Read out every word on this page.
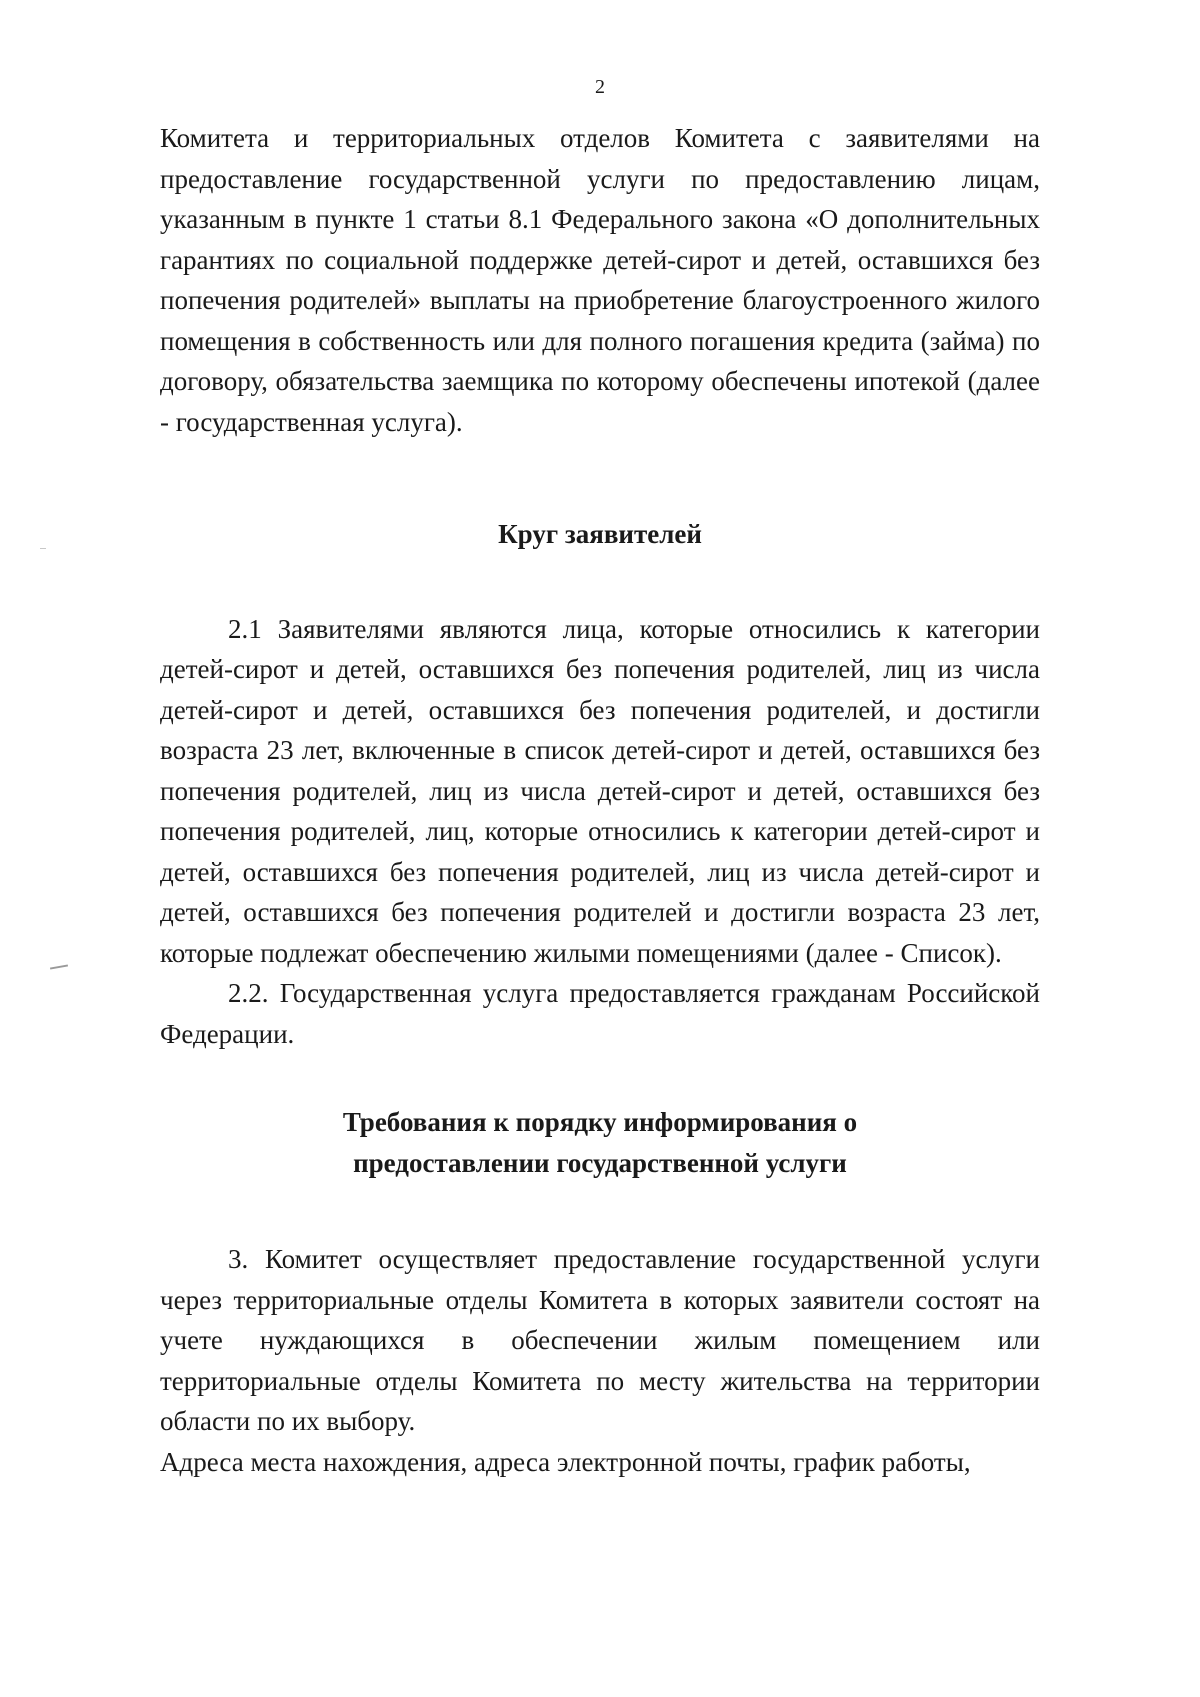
2

Комитета и территориальных отделов Комитета с заявителями на предоставление государственной услуги по предоставлению лицам, указанным в пункте 1 статьи 8.1 Федерального закона «О дополнительных гарантиях по социальной поддержке детей-сирот и детей, оставшихся без попечения родителей» выплаты на приобретение благоустроенного жилого помещения в собственность или для полного погашения кредита (займа) по договору, обязательства заемщика по которому обеспечены ипотекой (далее - государственная услуга).

Круг заявителей

2.1 Заявителями являются лица, которые относились к категории детей-сирот и детей, оставшихся без попечения родителей, лиц из числа детей-сирот и детей, оставшихся без попечения родителей, и достигли возраста 23 лет, включенные в список детей-сирот и детей, оставшихся без попечения родителей, лиц из числа детей-сирот и детей, оставшихся без попечения родителей, лиц, которые относились к категории детей-сирот и детей, оставшихся без попечения родителей, лиц из числа детей-сирот и детей, оставшихся без попечения родителей и достигли возраста 23 лет, которые подлежат обеспечению жилыми помещениями (далее - Список).

2.2. Государственная услуга предоставляется гражданам Российской Федерации.

Требования к порядку информирования о

предоставлении государственной услуги

3. Комитет осуществляет предоставление государственной услуги через территориальные отделы Комитета в которых заявители состоят на учете нуждающихся в обеспечении жилым помещением или территориальные отделы Комитета по месту жительства на территории области по их выбору.

Адреса места нахождения, адреса электронной почты, график работы,
